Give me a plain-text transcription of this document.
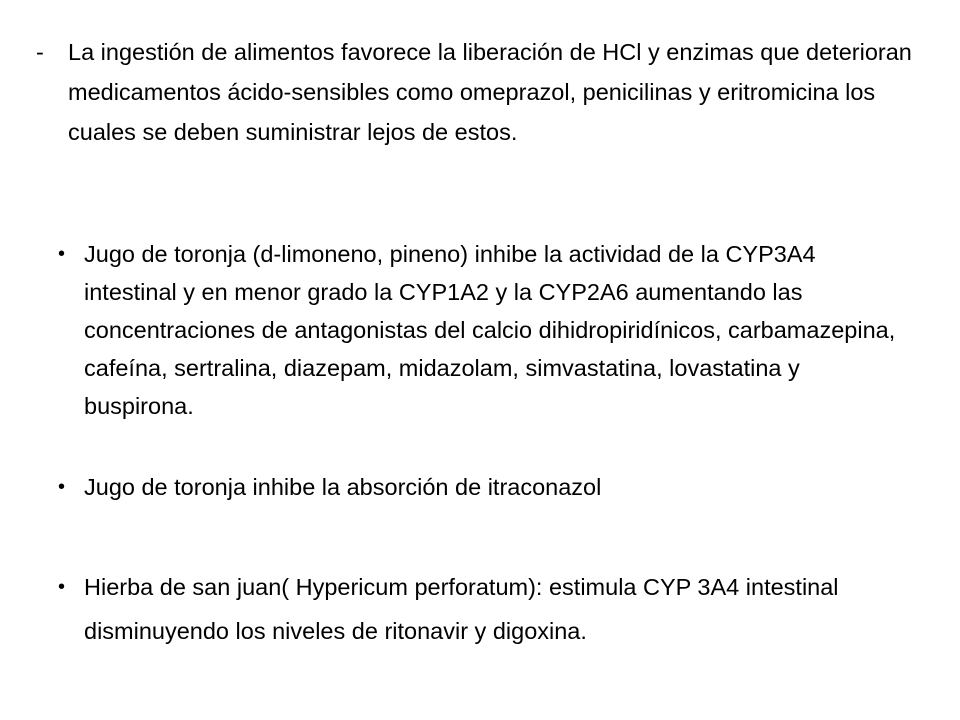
- La ingestión de alimentos favorece la liberación de HCl y enzimas que deterioran medicamentos ácido-sensibles como omeprazol, penicilinas y eritromicina los cuales se deben suministrar lejos de estos.
• Jugo de toronja (d-limoneno, pineno) inhibe la actividad de la CYP3A4 intestinal y en menor grado la CYP1A2 y la CYP2A6 aumentando las concentraciones de antagonistas del calcio dihidropiridínicos, carbamazepina, cafeína, sertralina, diazepam, midazolam, simvastatina, lovastatina y buspirona.
• Jugo de toronja inhibe la absorción de itraconazol
• Hierba de san juan( Hypericum perforatum): estimula CYP 3A4 intestinal disminuyendo los niveles de ritonavir y digoxina.
